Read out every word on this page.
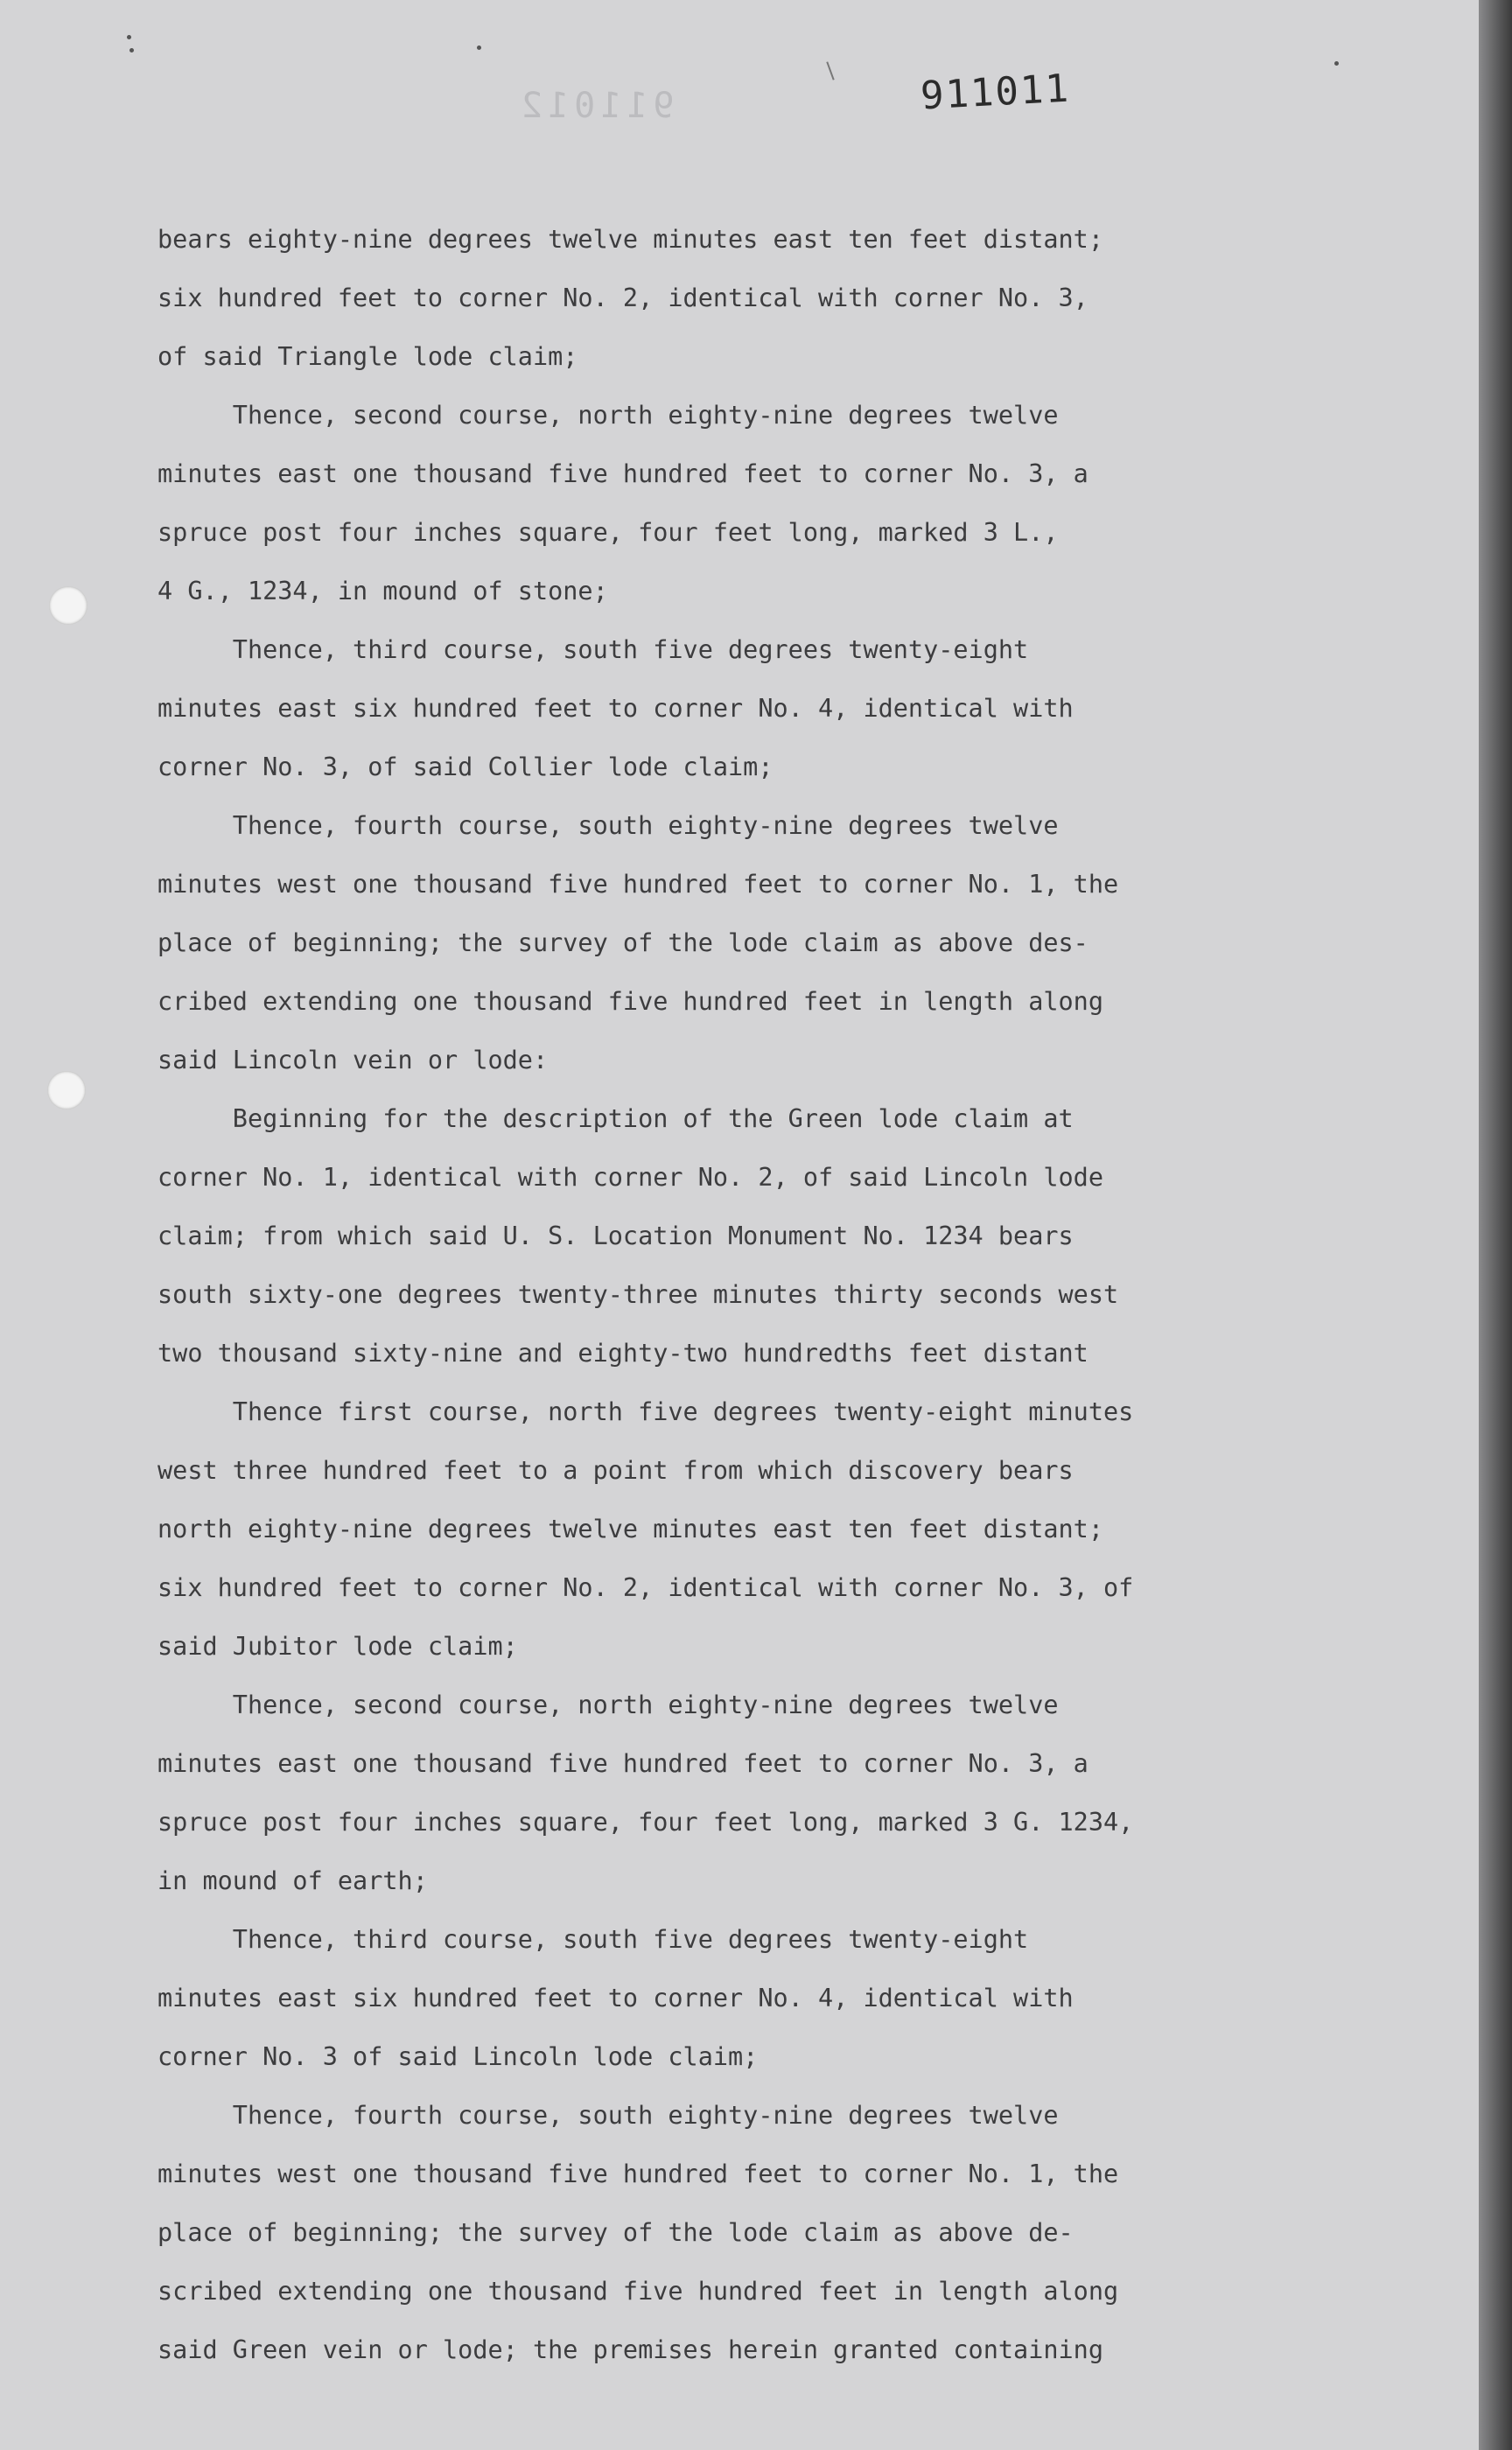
911012	911011
bears eighty-nine degrees twelve minutes east ten feet distant;
six hundred feet to corner No. 2, identical with corner No. 3,
of said Triangle lode claim;
Thence, second course, north eighty-nine degrees twelve
minutes east one thousand five hundred feet to corner No. 3, a
spruce post four inches square, four feet long, marked 3 L.,
4 G., 1234, in mound of stone;
Thence, third course, south five degrees twenty-eight
minutes east six hundred feet to corner No. 4, identical with
corner No. 3, of said Collier lode claim;
Thence, fourth course, south eighty-nine degrees twelve
minutes west one thousand five hundred feet to corner No. 1, the
place of beginning; the survey of the lode claim as above des-
cribed extending one thousand five hundred feet in length along
said Lincoln vein or lode:
Beginning for the description of the Green lode claim at
corner No. 1, identical with corner No. 2, of said Lincoln lode
claim; from which said U. S. Location Monument No. 1234 bears
south sixty-one degrees twenty-three minutes thirty seconds west
two thousand sixty-nine and eighty-two hundredths feet distant
Thence first course, north five degrees twenty-eight minutes
west three hundred feet to a point from which discovery bears
north eighty-nine degrees twelve minutes east ten feet distant;
six hundred feet to corner No. 2, identical with corner No. 3, of
said Jubitor lode claim;
Thence, second course, north eighty-nine degrees twelve
minutes east one thousand five hundred feet to corner No. 3, a
spruce post four inches square, four feet long, marked 3 G. 1234,
in mound of earth;
Thence, third course, south five degrees twenty-eight
minutes east six hundred feet to corner No. 4, identical with
corner No. 3 of said Lincoln lode claim;
Thence, fourth course, south eighty-nine degrees twelve
minutes west one thousand five hundred feet to corner No. 1, the
place of beginning; the survey of the lode claim as above de-
scribed extending one thousand five hundred feet in length along
said Green vein or lode; the premises herein granted containing
